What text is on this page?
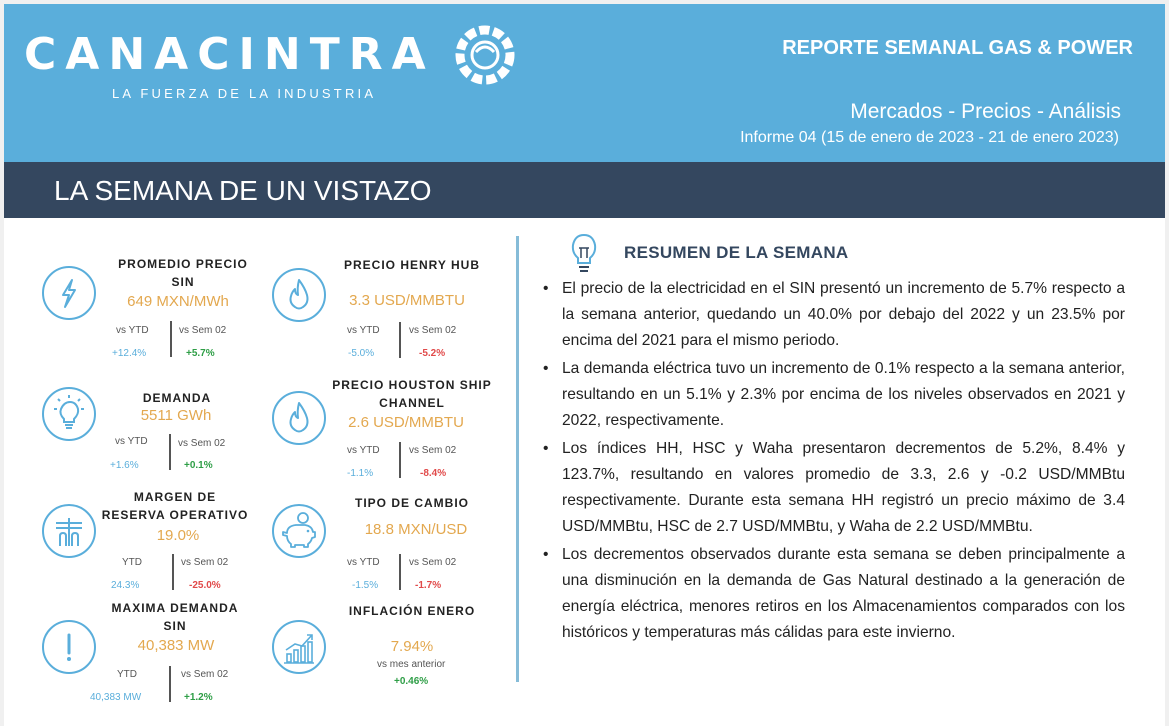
CANACINTRA
LA FUERZA DE LA INDUSTRIA
REPORTE SEMANAL GAS & POWER
Mercados - Precios - Análisis
Informe 04 (15 de enero de 2023 - 21 de enero 2023)
LA SEMANA DE UN VISTAZO
PROMEDIO PRECIO SIN
649 MXN/MWh
vs YTD	vs Sem 02
+12.4%	+5.7%
DEMANDA
5511 GWh
vs YTD	vs Sem 02
+1.6%	+0.1%
MARGEN DE RESERVA OPERATIVO
19.0%
YTD	vs Sem 02
24.3%	-25.0%
MAXIMA DEMANDA SIN
40,383 MW
YTD	vs Sem 02
40,383 MW	+1.2%
PRECIO HENRY HUB
3.3 USD/MMBTU
vs YTD	vs Sem 02
-5.0%	-5.2%
PRECIO HOUSTON SHIP CHANNEL
2.6 USD/MMBTU
vs YTD	vs Sem 02
-1.1%	-8.4%
TIPO DE CAMBIO
18.8 MXN/USD
vs YTD	vs Sem 02
-1.5%	-1.7%
INFLACIÓN ENERO
7.94%
vs mes anterior
+0.46%
RESUMEN DE LA SEMANA
• El precio de la electricidad en el SIN presentó un incremento de 5.7% respecto a la semana anterior, quedando un 40.0% por debajo del 2022 y un 23.5% por encima del 2021 para el mismo periodo.
• La demanda eléctrica tuvo un incremento de 0.1% respecto a la semana anterior, resultando en un 5.1% y 2.3% por encima de los niveles observados en 2021 y 2022, respectivamente.
• Los índices HH, HSC y Waha presentaron decrementos de 5.2%, 8.4% y 123.7%, resultando en valores promedio de 3.3, 2.6 y -0.2 USD/MMBtu respectivamente. Durante esta semana HH registró un precio máximo de 3.4 USD/MMBtu, HSC de 2.7 USD/MMBtu, y Waha de 2.2 USD/MMBtu.
• Los decrementos observados durante esta semana se deben principalmente a una disminución en la demanda de Gas Natural destinado a la generación de energía eléctrica, menores retiros en los Almacenamientos comparados con los históricos y temperaturas más cálidas para este invierno.
